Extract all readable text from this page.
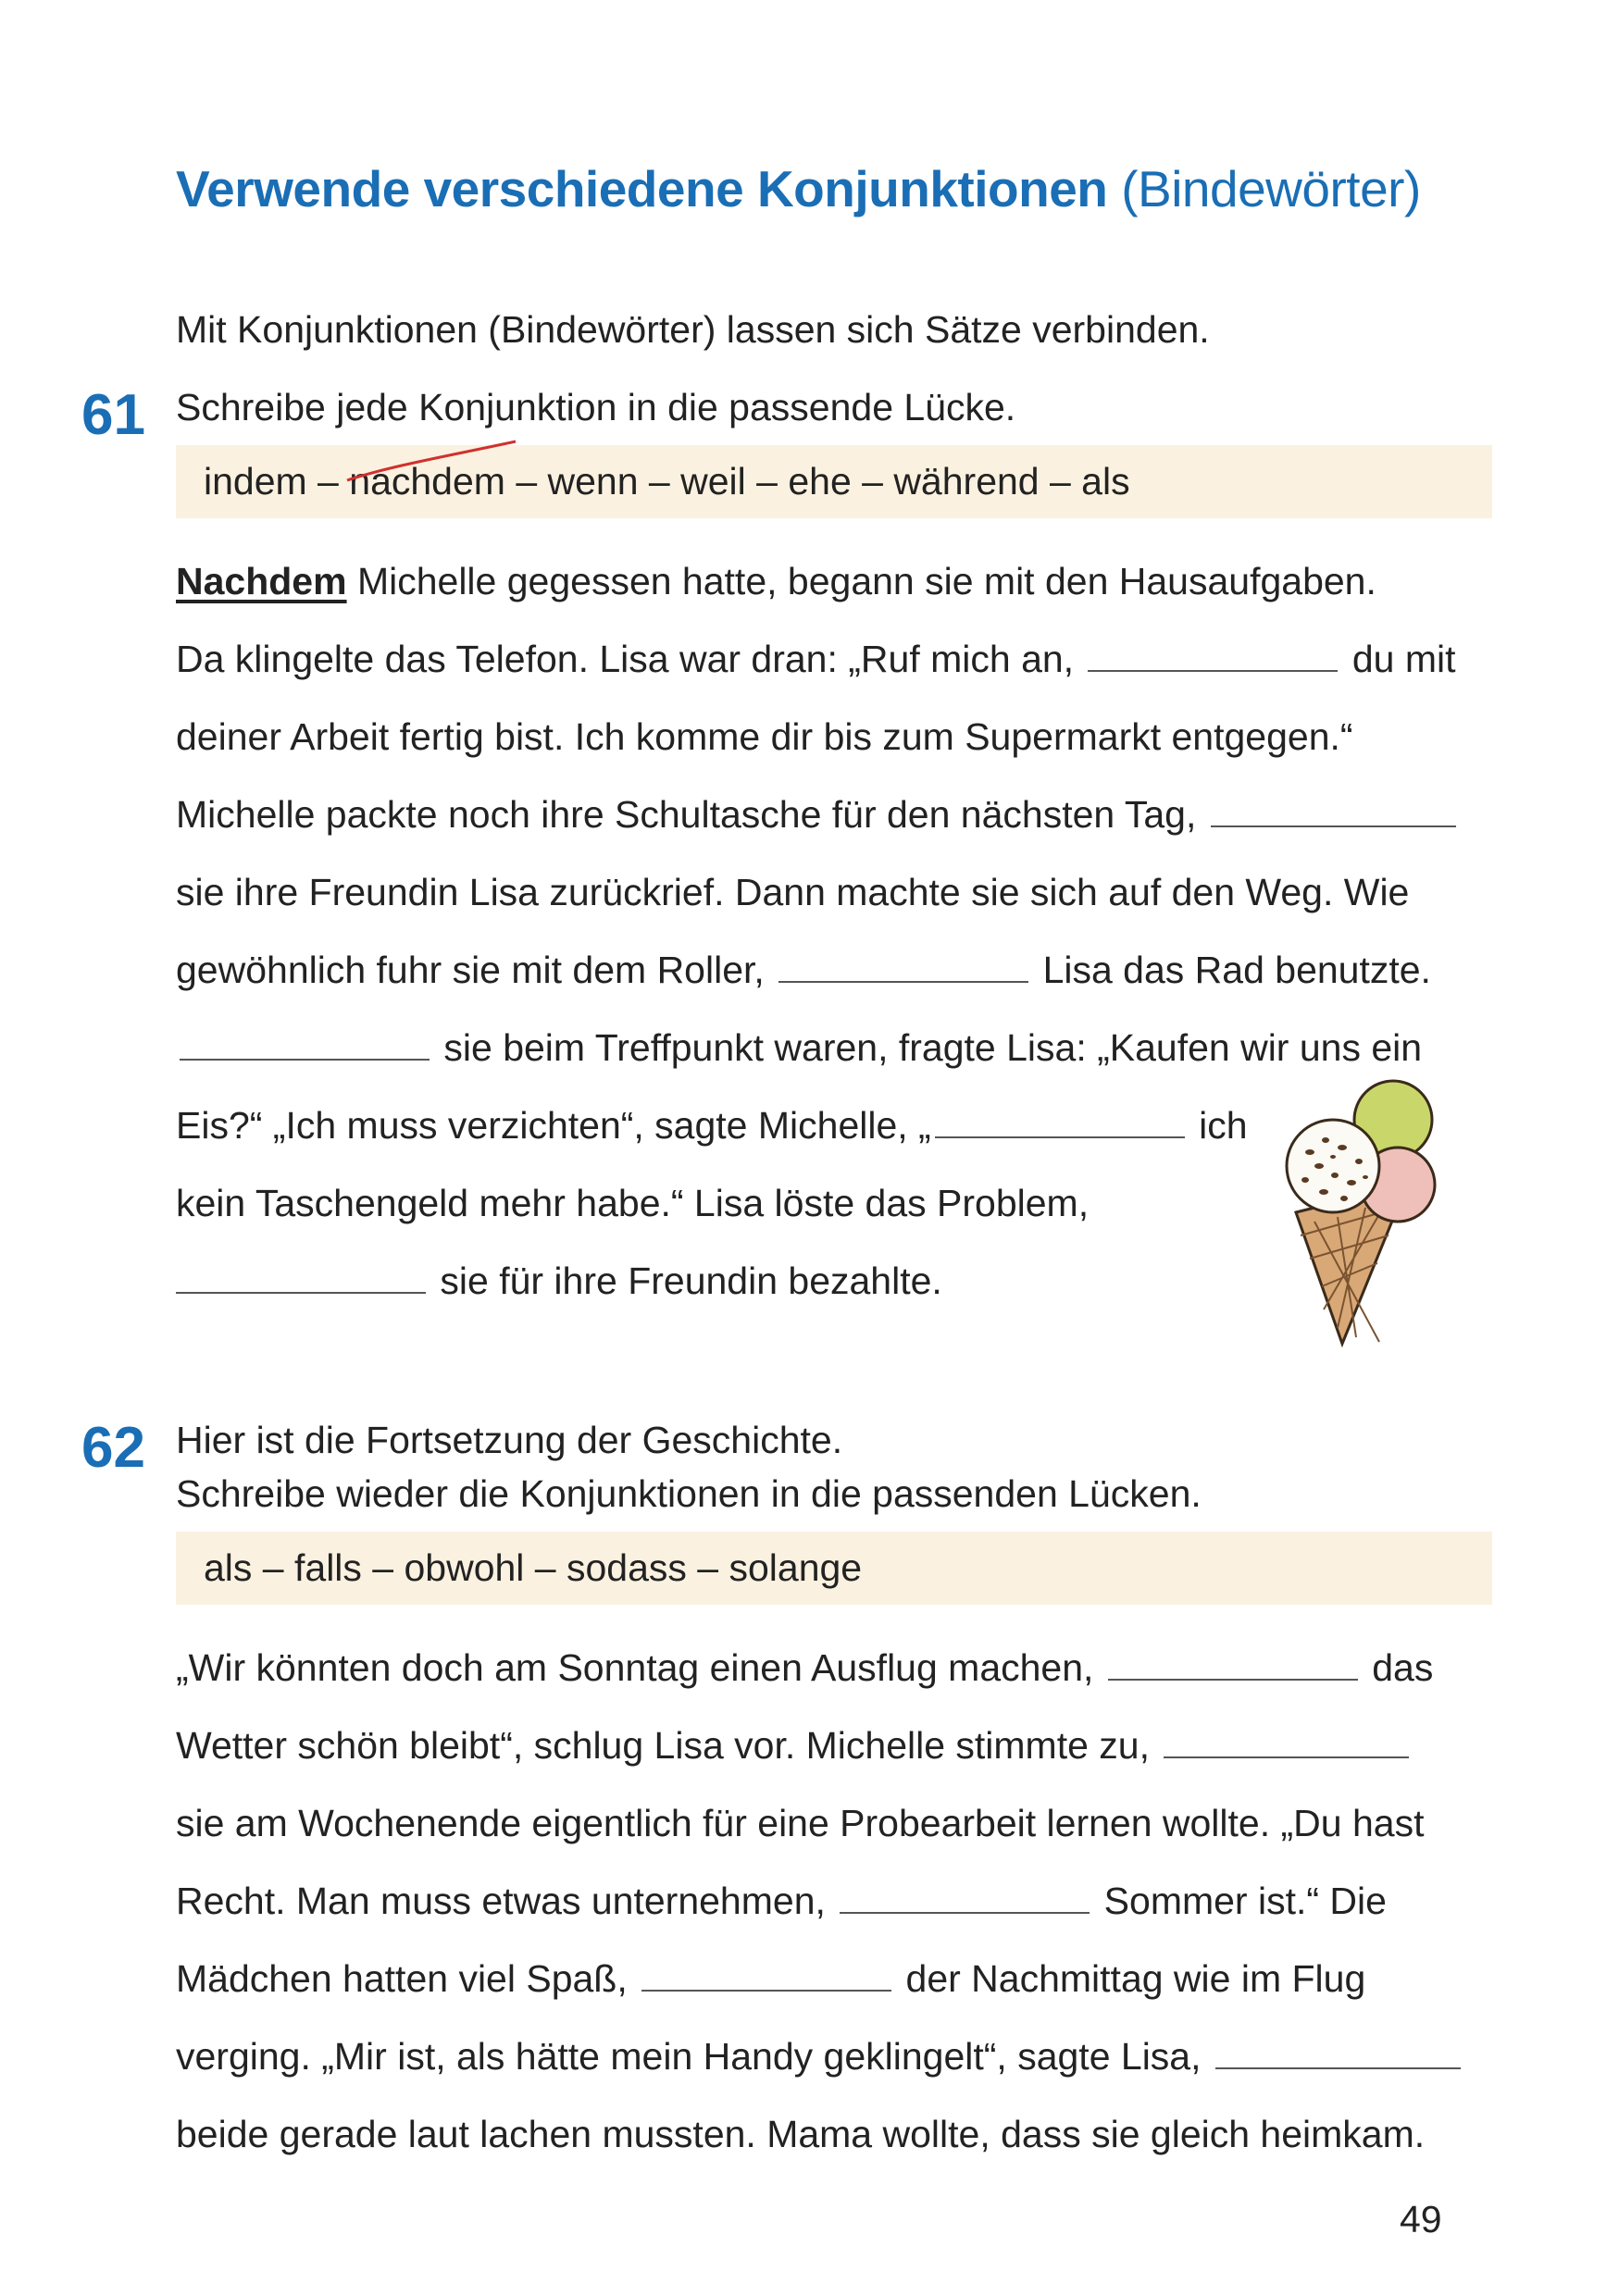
Verwende verschiedene Konjunktionen (Bindewörter)
Mit Konjunktionen (Bindewörter) lassen sich Sätze verbinden.
61 Schreibe jede Konjunktion in die passende Lücke.
indem – nachdem
– wenn – weil – ehe – während – als
Nachdem Michelle gegessen hatte, begann sie mit den Hausaufgaben.
Da klingelte das Telefon. Lisa war dran: „Ruf mich an,	du mit
deiner Arbeit fertig bist. Ich komme dir bis zum Supermarkt entgegen.“
Michelle packte noch ihre Schultasche für den nächsten Tag,
sie ihre Freundin Lisa zurückrief. Dann machte sie sich auf den Weg. Wie
gewöhnlich fuhr sie mit dem Roller,	Lisa das Rad benutzte.
sie beim Treffpunkt waren, fragte Lisa: „Kaufen wir uns ein
Eis?“ „Ich muss verzichten“, sagte Michelle, „	ich
kein Taschengeld mehr habe.“ Lisa löste das Problem,
sie für ihre Freundin bezahlte.
62 Hier ist die Fortsetzung der Geschichte.
Schreibe wieder die Konjunktionen in die passenden Lücken.
als – falls – obwohl – sodass – solange
„Wir könnten doch am Sonntag einen Ausflug machen,	das
Wetter schön bleibt“, schlug Lisa vor. Michelle stimmte zu,
sie am Wochenende eigentlich für eine Probearbeit lernen wollte. „Du hast
Recht. Man muss etwas unternehmen,	Sommer ist.“ Die
Mädchen hatten viel Spaß,	der Nachmittag wie im Flug
verging. „Mir ist, als hätte mein Handy geklingelt“, sagte Lisa,
beide gerade laut lachen mussten. Mama wollte, dass sie gleich heimkam.
49
